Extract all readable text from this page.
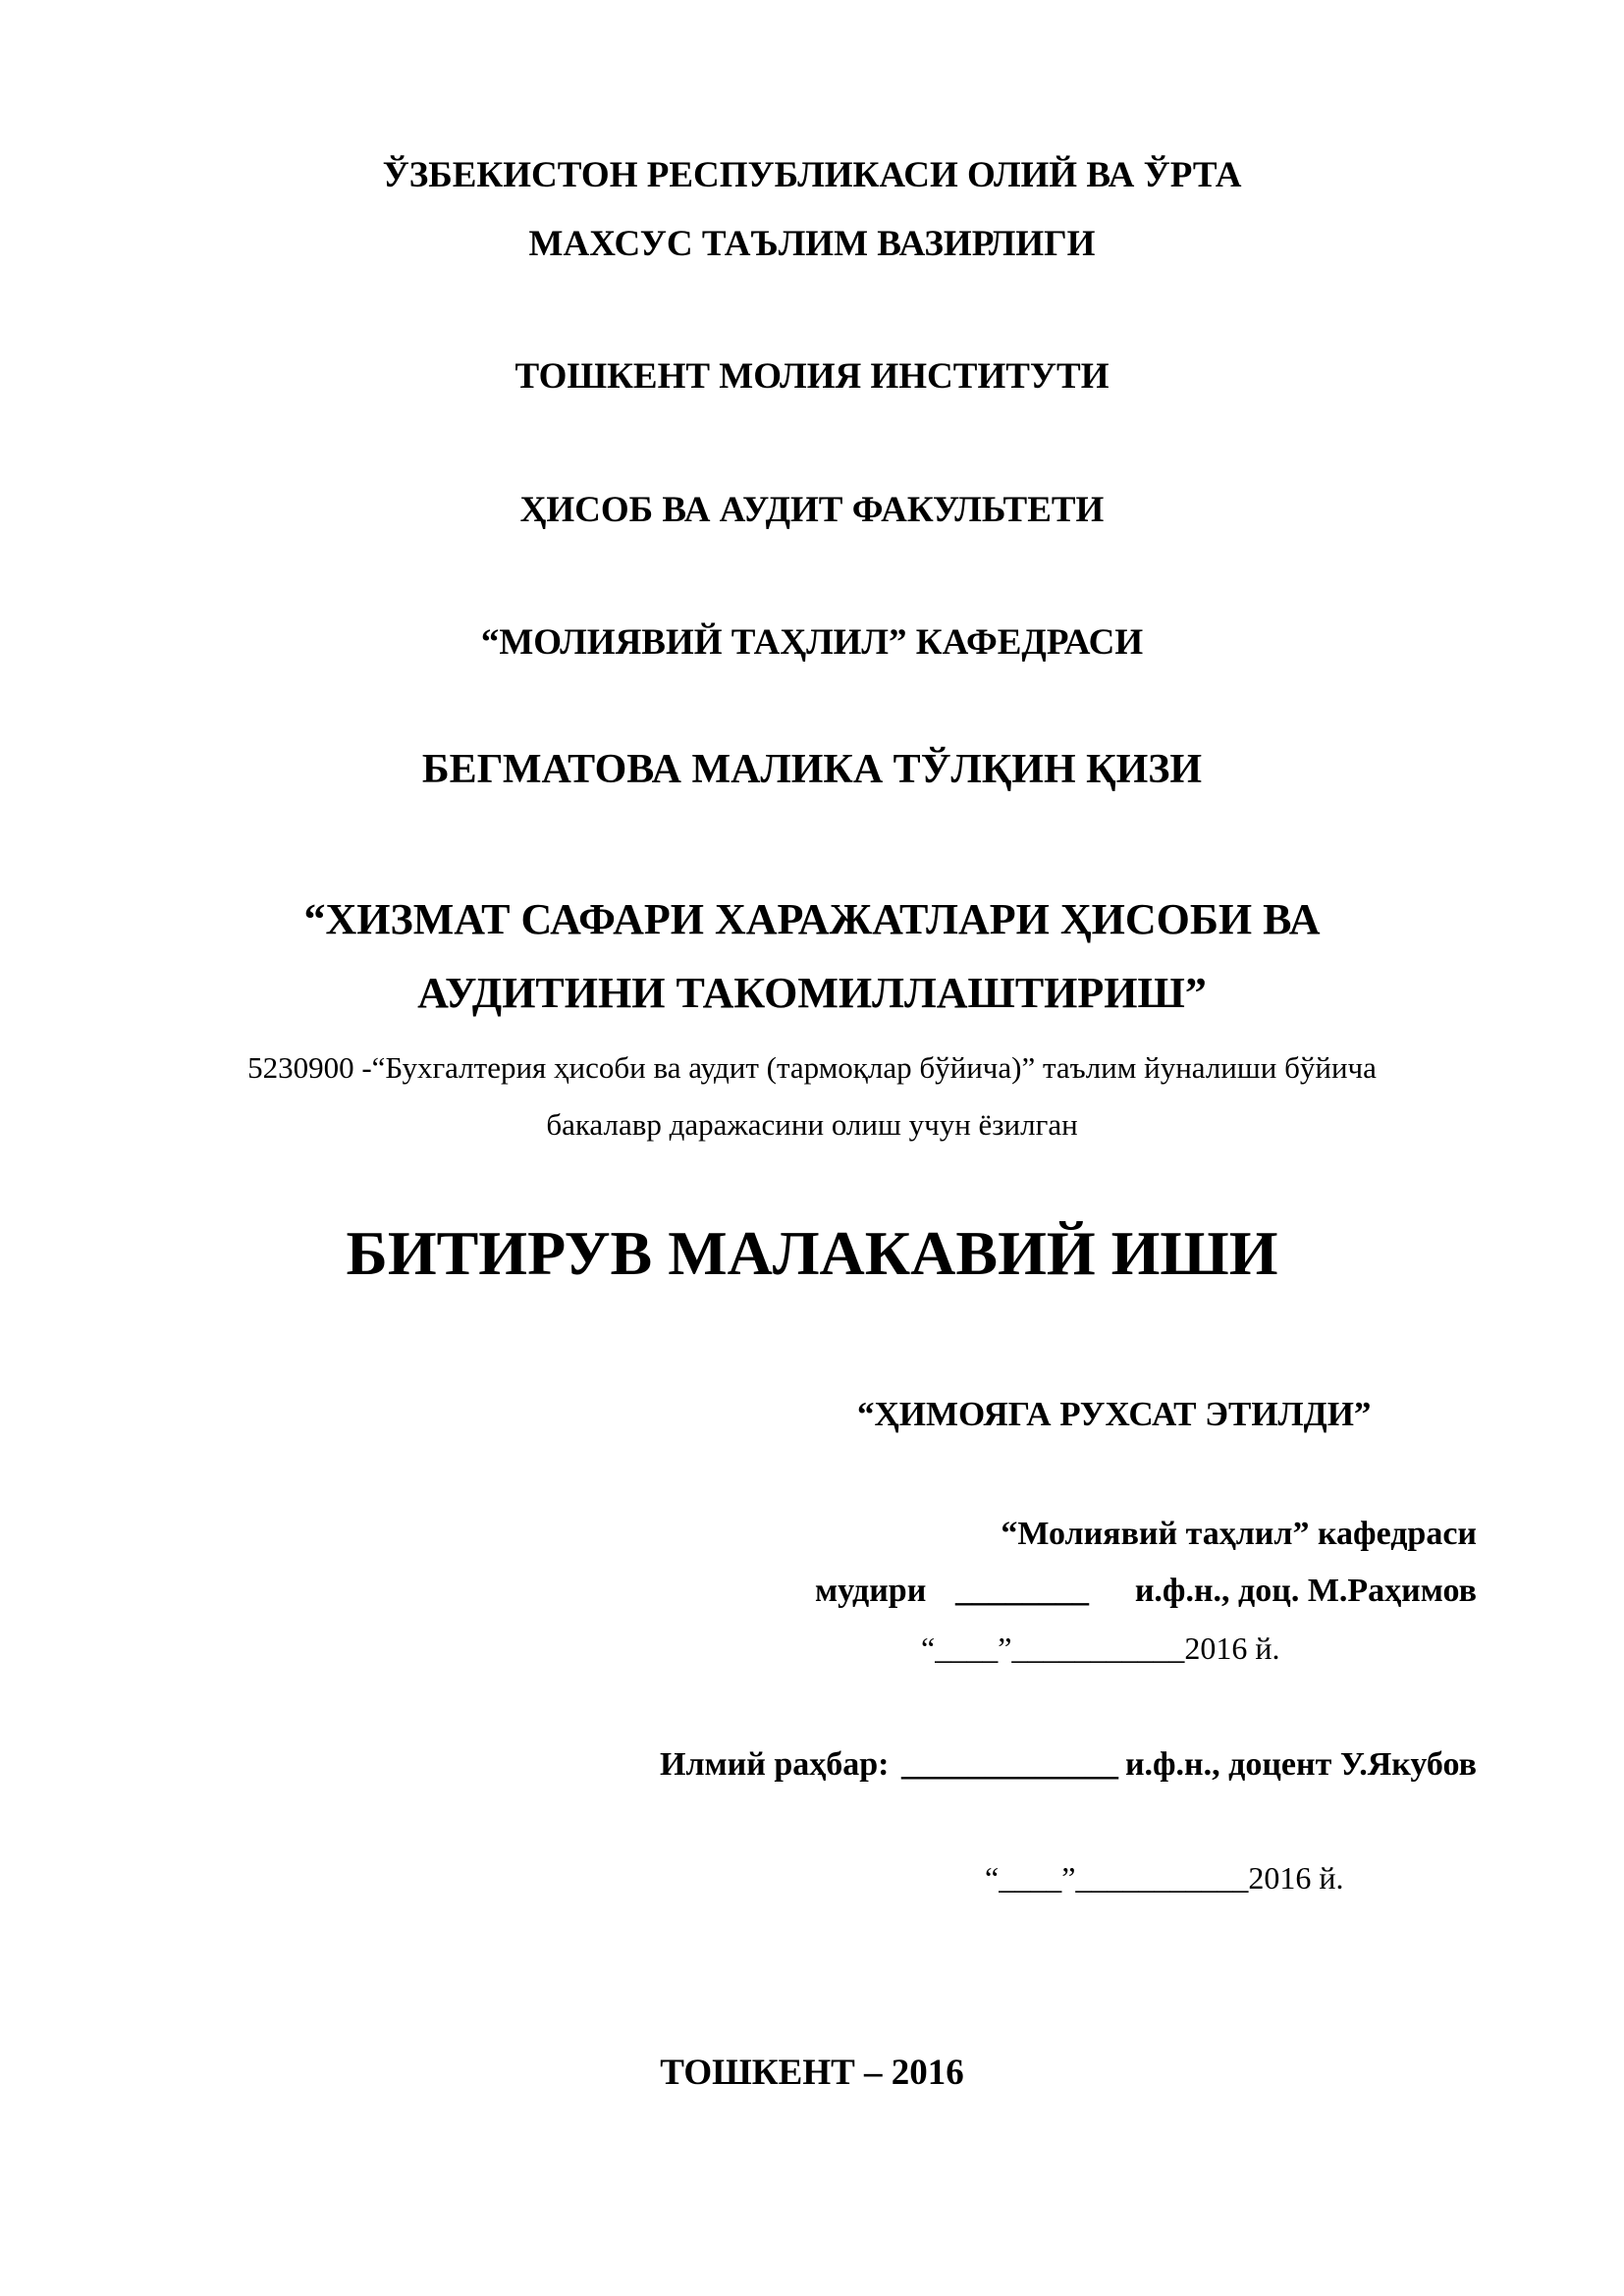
ЎЗБЕКИСТОН РЕСПУБЛИКАСИ ОЛИЙ ВА ЎРТА
МАХСУС ТАЪЛИМ ВАЗИРЛИГИ
ТОШКЕНТ МОЛИЯ ИНСТИТУТИ
ҲИСОБ ВА АУДИТ ФАКУЛЬТЕТИ
“МОЛИЯВИЙ ТАҲЛИЛ” КАФЕДРАСИ
БЕГМАТОВА МАЛИКА ТЎЛҚИН ҚИЗИ
“ХИЗМАТ САФАРИ ХАРАЖАТЛАРИ ҲИСОБИ ВА
АУДИТИНИ ТАКОМИЛЛАШТИРИШ”
5230900 -“Бухгалтерия ҳисоби ва аудит (тармоқлар бўйича)” таълим йуналиши бўйича
бакалавр даражасини олиш учун ёзилган
БИТИРУВ МАЛАКАВИЙ ИШИ
“ҲИМОЯГА РУХСАТ ЭТИЛДИ”
“Молиявий таҳлил” кафедраси
мудири ________ и.ф.н., доц. М.Раҳимов
“____”___________2016 й.
Илмий раҳбар: _____________ и.ф.н., доцент У.Якубов
“____”___________2016 й.
ТОШКЕНТ – 2016
